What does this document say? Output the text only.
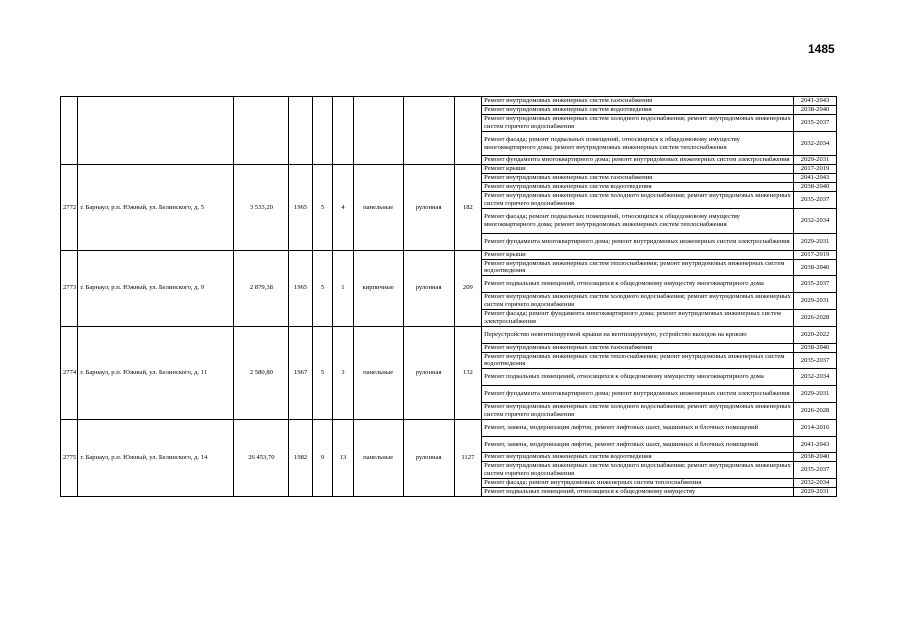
1485
									Ремонт внутридомовых инженерных систем газоснабжения	2041-2043
									Ремонт внутридомовых инженерных систем водоотведения	2038-2040
									Ремонт внутридомовых инженерных систем холодного водоснабжения; ремонт внутридомовых инженерных систем горячего водоснабжения	2035-2037
									Ремонт фасада; ремонт подвальных помещений, относящихся к общедомовому имуществу многоквартирного дома; ремонт внутридомовых инженерных систем теплоснабжения	2032-2034
									Ремонт фундамента многоквартирного дома; ремонт внутридомовых инженерных систем электроснабжения	2029-2031
2772	г. Барнаул, р.п. Южный, ул. Белинского, д. 5	3 533,20	1965	5	4	панельные	рулонная	182	Ремонт крыши	2017-2019
									Ремонт внутридомовых инженерных систем газоснабжения	2041-2043
									Ремонт внутридомовых инженерных систем водоотведения	2038-2040
									Ремонт внутридомовых инженерных систем холодного водоснабжения; ремонт внутридомовых инженерных систем горячего водоснабжения	2035-2037
									Ремонт фасада; ремонт подвальных помещений, относящихся к общедомовому имуществу многоквартирного дома; ремонт внутридомовых инженерных систем теплоснабжения	2032-2034
									Ремонт фундамента многоквартирного дома; ремонт внутридомовых инженерных систем электроснабжения	2029-2031
2773	г. Барнаул, р.п. Южный, ул. Белинского, д. 9	2 879,38	1965	5	1	кирпичные	рулонная	209	Ремонт крыши	2017-2019
									Ремонт внутридомовых инженерных систем теплоснабжения; ремонт внутридомовых инженерных систем водоотведения	2038-2040
									Ремонт подвальных помещений, относящихся к общедомовому имуществу многоквартирного дома	2035-2037
									Ремонт внутридомовых инженерных систем холодного водоснабжения; ремонт внутридомовых инженерных систем горячего водоснабжения	2029-2031
									Ремонт фасада; ремонт фундамента многоквартирного дома; ремонт внутридомовых инженерных систем электроснабжения	2026-2028
2774	г. Барнаул, р.п. Южный, ул. Белинского, д. 11	2 580,80	1967	5	3	панельные	рулонная	132	Переустройство невентилируемой крыши на вентилируемую, устройство выходов на кровлю	2020-2022
									Ремонт внутридомовых инженерных систем газоснабжения	2038-2040
									Ремонт внутридомовых инженерных систем теплоснабжения; ремонт внутридомовых инженерных систем водоотведения	2035-2037
									Ремонт подвальных помещений, относящихся к общедомовому имуществу многоквартирного дома	2032-2034
									Ремонт фундамента многоквартирного дома; ремонт внутридомовых инженерных систем электроснабжения	2029-2031
									Ремонт внутридомовых инженерных систем холодного водоснабжения; ремонт внутридомовых инженерных систем горячего водоснабжения	2026-2028
2775	г. Барнаул, р.п. Южный, ул. Белинского, д. 14	26 453,70	1982	9	13	панельные	рулонная	1127	Ремонт, замена, модернизация лифтов, ремонт лифтовых шахт, машинных и блочных помещений	2014-2016
									Ремонт, замена, модернизация лифтов, ремонт лифтовых шахт, машинных и блочных помещений	2041-2043
									Ремонт внутридомовых инженерных систем водоотведения	2038-2040
									Ремонт внутридомовых инженерных систем холодного водоснабжения; ремонт внутридомовых инженерных систем горячего водоснабжения	2035-2037
									Ремонт фасада; ремонт внутридомовых инженерных систем теплоснабжения	2032-2034
									Ремонт подвальных помещений, относящихся к общедомовому имуществу	2029-2031
